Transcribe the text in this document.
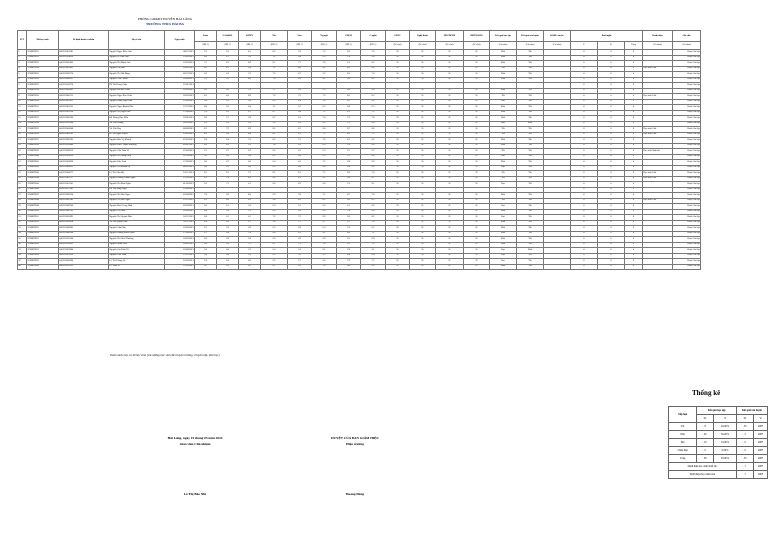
PHÒNG GD&ĐT HUYỆN HẢI LĂNG
TRƯỜNG THCS HẢI BA
STT	Mã học sinh	Số định danh cá nhân	Họ và tên	Ngày sinh	Toán	L.Sử&ĐL	KHTN	Tin	Văn	Ng.ngữ	GDCD	C.nghệ	GDTC	Nghệ thuật	NDGĐCĐP	HĐTN&HN	Kết quả học tập	Kết quả rèn luyện	KQRL sau hè	Buổi nghỉ			Danh hiệu	Ghi chú
					(HK 1)	(HK 1)	(HK 1)	(HK 1)	(HK 1)	(HK 1)	(HK 1)	(HK 1)	(Đ/ chđ)	(Đ/ chđ)	(Đ/ chđ)	(Đ/ chđ)	(Cả năm)	(Cả năm)	(Cả năm)	P	K	Tổng	(Cả năm)	(Cả năm)
1	3706899921	045312001381	Nguyễn Ngọc Kiều Anh	08/11/2012	7.3	6.3	8.1	8.2	7.0	7.3	6.9	7.6	Đ	Đ	Đ	Đ	Khá	Tốt		0	0	0		Được lên lớp
2	3706899922	045312014629	Nguyễn Lê Hữu Anh	19/05/2012	6.6	6.7	7.0	7.1	6.4	6.9	7.8	6.8	Đ	Đ	Đ	Đ	Khá	Tốt		0	0	0		Được lên lớp
3	3706899923	045312005463	Nguyễn Thị Minh Anh	22/03/2012	7.5	8.3	8.6	8.7	7.7	7.8	8.1	8.2	Đ	Đ	Đ	Đ	Khá	Tốt		0	0	0		Được lên lớp
4	3706899924	045312007461	Nguyễn Gia Bảo	10/01/2012	8.9	8.1	9.4	7.1	8.0	8.1	8.9	8.5	Đ	Đ	Đ	Đ	Tốt	Tốt		0	0	0	Học sinh Giỏi	Được lên lớp
5	3706899925	045312003570	Nguyễn Thị Hải Băng	06/12/2012	6.6	6.6	7.6	7.5	6.7	6.2	8.2	7.4	Đ	Đ	Đ	Đ	Khá	Tốt		0	0	0		Được lên lớp
6	3706899926	045312006627	Nguyễn Văn Chánh	18/04/2012	7.3	9.2	8.0	7.6	6.9	8.1	9.0	8.2	Đ	Đ	Đ	Đ	Khá	Tốt		0	0	0		Được lên lớp
7	3706899927	045312018270	Hồ Thị Dung Châu	22/01/2012																0	0	0		Được lên lớp
8	3706899928	045312009891	Nguyễn Đỗ Bảo Châu	22/09/2012	6.6	6.9	7.6	7.7	6.9	6.3	6.8	6.6	Đ	Đ	Đ	Đ	Khá	Tốt		0	0	0		Được lên lớp
9	3706899929	045312006115	Nguyễn Ngọc Bảo Châu	28/03/2012	8.5	8.6	8.9	7.6	7.3	7.3	8.6	8.3	Đ	Đ	Đ	Đ	Tốt	Tốt		0	0	0	Học sinh Giỏi	Được lên lớp
10	3706899930	045312007821	Nguyễn Đăng Ngọc Hân	25/04/2012	5.8	6.2	5.8	6.6	6.4	5.6	6.5	6.6	Đ	Đ	Đ	Đ	Đạt	Tốt		0	0	0		Được lên lớp
11	3706899931	045312005225	Nguyễn Ngọc Khánh Hân	12/12/2012	6.0	6.3	6.4	7.1	6.7	6.3	6.8	6.5	Đ	Đ	Đ	Đ	Khá	Tốt		0	0	0		Được lên lớp
12	3706899932	045312001230	Nguyễn Thị Ngọc Hân	27/04/2012	7.0	6.2	6.7	6.7	6.4	7.2	8.1	7.2	Đ	Đ	Đ	Đ	Khá	Tốt		0	0	0		Được lên lớp
13	3706899933	045312002596	Đỗ Hoàng Bảo Hiếu	19/01/2012	6.9	5.7	6.9	6.7	6.1	7.4	7.6	7.0	Đ	Đ	Đ	Đ	Khá	Tốt		0	0	0		Được lên lớp
14	3706899934	045312022308	Võ Văn Hoàng	18/10/2012	6.2	6.3	6.1	5.6	6.3	6.2	7.3	6.8	Đ	Đ	Đ	Đ	Đạt	Khá		0	0	0		Được lên lớp
15	3706899935	045312004248	Võ Văn Huy	08/08/2012	8.2	7.9	8.9	8.5	8.2	8.0	8.7	8.8	Đ	Đ	Đ	Đ	Tốt	Tốt		0	0	0	Học sinh Giỏi	Được lên lớp
16	3706899936	045312002261	Lê Thị Ngọc Huyền	13/09/2012	8.2	9.0	8.0	8.1	8.1	7.5	8.9	7.5	Đ	Đ	Đ	Đ	Tốt	Tốt		0	0	0	Học sinh Giỏi	Được lên lớp
17	3706899937	045312009195	Nguyễn Bảo Vỹ Khánh	07/05/2012	6.8	6.4	7.3	8.2	7.2	7.6	8.2	8.2	Đ	Đ	Đ	Đ	Khá	Tốt		0	0	0		Được lên lớp
18	3706899938	045312018886	Nguyễn Phúc Thành Khương	03/01/2012	6.6	6.9	6.1	7.0	6.3	6.6	7.0	6.9	Đ	Đ	Đ	Đ	Khá	Tốt		0	0	0		Được lên lớp
19	3706899939	045312009919	Nguyễn Văn Tuấn Lê	27/04/2012	6.1	6.7	6.6	6.6	6.3	6.3	6.7	6.7	Đ	Đ	Đ	Đ	Tốt	Tốt		0	0	0	Học sinh Xuất sắc	Được lên lớp
20	3706899940	045312001059	Nguyễn Thị Hồng Linh	31/10/2012	5.9	6.0	5.8	6.2	6.0	6.3	7.3	6.6	Đ	Đ	Đ	Đ	Đạt	Tốt		0	0	0		Được lên lớp
21	3706899941	045312003830	Nguyễn Đức Linh	17/06/2012	6.0	6.7	6.0	6.4	6.5	7.2	6.9	6.9	Đ	Đ	Đ	Đ	Khá	Tốt		0	0	0		Được lên lớp
22	3706899942	045312002031	Nguyễn Thị Khánh Ly	08/02/2012	6.0	6.1	6.0	6.3	6.0	6.4	6.8	6.6	Đ	Đ	Đ	Đ	Đạt	Tốt		0	0	0		Được lên lớp
23	3706899943	045312004277	Lê Thị Cẩm Mỹ	16/11/2012	8.5	8.2	7.3	8.1	8.1	7.5	9.0	7.6	Đ	Đ	Đ	Đ	Tốt	Tốt		0	0	0	Học sinh Giỏi	Được lên lớp
24	3706899944	045312009717	Nguyễn Hoàng Thanh Ngân	15/10/2012	8.1	7.8	8.2	8.6	8.1	8.2	9.0	8.7	Đ	Đ	Đ	Đ	Tốt	Tốt		0	0	0	Học sinh Giỏi	Được lên lớp
25	3706899945	045312001141	Nguyễn Thị Kim Ngân	01/06/2012	5.6	7.1	6.1	6.6	6.2	6.0	7.6	6.1	Đ	Đ	Đ	Đ	Đạt	Tốt		0	0	0		Được lên lớp
26	3706899946	045312017901	Hồ Thị Song Ngọc	23/08/2012																0	0	0		Được lên lớp
27	3706899947	045312006630	Nguyễn Thị Bảo Ngọc	03/04/2012	7.0	6.9	8.0	6.9	7.0	7.1	8.2	7.0	Đ	Đ	Đ	Đ	Khá	Tốt		0	0	0		Được lên lớp
28	3706899948	045312005143	Nguyễn Thị Bảo Ngọc	23/12/2012	8.2	8.0	8.2	9.0	8.3	8.2	9.0	8.3	Đ	Đ	Đ	Đ	Tốt	Tốt		0	0	0	Học sinh Giỏi	Được lên lớp
29	3706899949	045312009746	Nguyễn Phúc Long Nhật	02/09/2012	6.0	6.5	5.6	6.3	5.5	6.0	6.1	6.6	Đ	Đ	Đ	Đ	Đạt	Tốt		0	0	0		Được lên lớp
30	3706899950	045312006782	Nguyễn Thị Như	26/06/2012	6.8	7.0	7.5	6.9	6.5	6.9	7.4	6.8	Đ	Đ	Đ	Đ	Khá	Tốt		0	0	0		Được lên lớp
31	3706899951	045312005895	Nguyễn Thị Quỳnh Như	10/11/2012	6.0	6.1	6.2	7.2	7.2	6.9	9.0	8.2	Đ	Đ	Đ	Đ	Đạt	Tốt		0	0	0		Được lên lớp
32	3706899952	045312020824	Võ Thị Quỳnh Như	11/11/2012	6.4	6.6	6.7	5.6	7.7	6.7	9.1	7.8	Đ	Đ	Đ	Đ	Khá	Tốt		0	0	0		Được lên lớp
33	3706899953	045312009905	Nguyễn Văn Phát	19/06/2012	6.1	7.0	6.9	6.5	6.9	6.3	7.0	6.7	Đ	Đ	Đ	Đ	Khá	Tốt		0	0	0		Được lên lớp
34	3706899954	045312008268	Nguyễn Hoàng Minh Quân	17/04/2012	6.7	6.8	7.0	8.0	6.1	6.1	9.0	7.1	Đ	Đ	Đ	Đ	Khá	Tốt		0	0	0		Được lên lớp
35	3706899955	045312018144	Nguyễn Thị Hoài Thương	10/03/2012	6.0	6.8	6.4	6.9	6.9	6.9	6.2	6.8	Đ	Đ	Đ	Đ	Khá	Tốt		0	0	0		Được lên lớp
36	3706899956	045312016852	Nguyễn Minh Tiến	10/01/2012	6.8	6.9	7.1	6.7	7.1	7.0	6.1	7.2	Đ	Đ	Đ	Đ	Khá	Tốt		0	0	0		Được lên lớp
37	3706899957	045312007840	Nguyễn Gia Tuấn Tú	26/08/2012	5.8	6.0	5.3	6.4	5.6	6.1	7.8	6.1	Đ	Đ	Đ	Đ	Đạt	Khá		0	0	0		Được lên lớp
38	3706899958	045312013926	Nguyễn Văn Tuấn	12/11/2012	5.8	6.0	5.3	6.3	5.5	6.3	8.4	6.4	Đ	Đ	Đ	Đ	Đạt	Tốt		0	0	0		Được lên lớp
39	3706899959	045312005890	Lê Thị Tường Vy	16/02/2012	5.8	6.0	6.0	6.5	5.7	6.0	7.9	7.2	Đ	Đ	Đ	Đ	Đạt	Tốt		0	0	0		Được lên lớp
40	3706899960	045312019335	Lê Thảo Vi	27/02/2012	6.5	6.9	6.2	6.7	6.2	7.0	9.0	6.9	Đ	Đ	Đ	Đ	Khá	Tốt		0	0	0		Được lên lớp
Danh sách này có 40 học sinh (trả những học sinh đã chuyển trường, chuyển lớp, thôi học)
Hải Lăng, ngày 19 tháng 05 năm 2024
Giáo viên Chủ nhiệm
DUYỆT CỦA BAN GIÁM HIỆU
Hiệu trưởng
Lê Thị Bảo Nhi	Hoàng Đông
Thống kê
Xếp loại	Kết quả học tập		Kết quả rèn luyện	
	SL	%	SL	%
Tốt	8	20.00%	33	REF
Khá	20	50.00%	2	REF
Đạt	10	25.00%	0	REF
Chưa Đạt	0	0.00%	0	REF
Tổng	38	95.00%	35	REF
Danh hiệu học sinh Xuất sắc			1	REF
Danh hiệu học sinh Giỏi			7	REF
